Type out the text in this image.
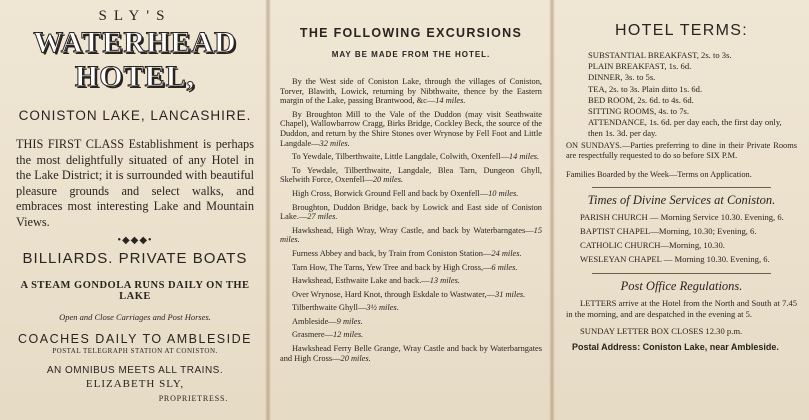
SLY'S
WATERHEAD HOTEL,
CONISTON LAKE, LANCASHIRE.
THIS FIRST CLASS Establishment is perhaps the most delightfully situated of any Hotel in the Lake District; it is surrounded with beautiful pleasure grounds and select walks, and embraces most interesting Lake and Mountain Views.
•◆◆◆•
BILLIARDS. PRIVATE BOATS
A STEAM GONDOLA RUNS DAILY ON THE LAKE
Open and Close Carriages and Post Horses.
COACHES DAILY TO AMBLESIDE
POSTAL TELEGRAPH STATION AT CONISTON.
AN OMNIBUS MEETS ALL TRAINS.
ELIZABETH SLY,
PROPRIETRESS.
THE FOLLOWING EXCURSIONS
MAY BE MADE FROM THE HOTEL.
By the West side of Coniston Lake, through the villages of Coniston, Torver, Blawith, Lowick, returning by Nibthwaite, thence by the Eastern margin of the Lake, passing Brantwood, &c—14 miles.
By Broughton Mill to the Vale of the Duddon (may visit Seathwaite Chapel), Wallowbarrow Cragg, Birks Bridge, Cockley Beck, the source of the Duddon, and return by the Shire Stones over Wrynose by Fell Foot and Little Langdale—32 miles.
To Yewdale, Tilberthwaite, Little Langdale, Colwith, Oxenfell—14 miles.
To Yewdale, Tilberthwaite, Langdale, Blea Tarn, Dungeon Ghyll, Skelwith Force, Oxenfell—20 miles.
High Cross, Borwick Ground Fell and back by Oxenfell—10 miles.
Broughton, Duddon Bridge, back by Lowick and East side of Coniston Lake.—27 miles.
Hawkshead, High Wray, Wray Castle, and back by Waterbarngates—15 miles.
Furness Abbey and back, by Train from Coniston Station—24 miles.
Tarn How, The Tarns, Yew Tree and back by High Cross,—6 miles.
Hawkshead, Esthwaite Lake and back.—13 miles.
Over Wrynose, Hard Knot, through Eskdale to Wastwater,—31 miles.
Tilberthwaite Ghyll—3½ miles.
Ambleside—9 miles.
Grasmere—12 miles.
Hawkshead Ferry Belle Grange, Wray Castle and back by Waterbarngates and High Cross—20 miles.
HOTEL TERMS:
SUBSTANTIAL BREAKFAST, 2s. to 3s.
PLAIN BREAKFAST, 1s. 6d.
DINNER, 3s. to 5s.
TEA, 2s. to 3s. Plain ditto 1s. 6d.
BED ROOM, 2s. 6d. to 4s. 6d.
SITTING ROOMS, 4s. to 7s.
ATTENDANCE, 1s. 6d. per day each, the first day only, then 1s. 3d. per day.
ON SUNDAYS.—Parties preferring to dine in their Private Rooms are respectfully requested to do so before SIX P.M.
Families Boarded by the Week—Terms on Application.
Times of Divine Services at Coniston.
PARISH CHURCH — Morning Service 10.30. Evening, 6.
BAPTIST CHAPEL—Morning, 10.30; Evening, 6.
CATHOLIC CHURCH—Morning, 10.30.
WESLEYAN CHAPEL — Morning 10.30. Evening, 6.
Post Office Regulations.
LETTERS arrive at the Hotel from the North and South at 7.45 in the morning, and are despatched in the evening at 5.
SUNDAY LETTER BOX CLOSES 12.30 p.m.
Postal Address: Coniston Lake, near Ambleside.
